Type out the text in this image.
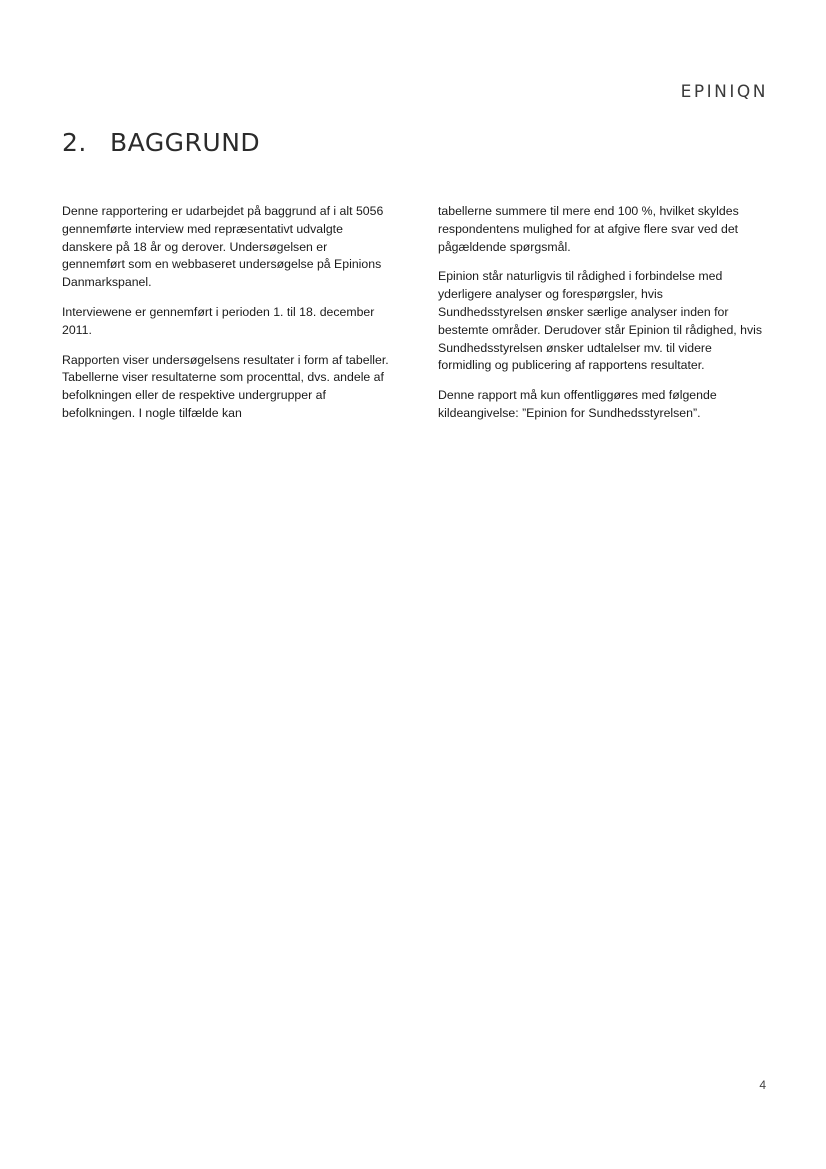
EPINIQN
2. BAGGRUND

Denne rapportering er udarbejdet på baggrund af i alt 5056 gennemførte interview med repræsentativt udvalgte danskere på 18 år og derover. Undersøgelsen er gennemført som en webbaseret undersøgelse på Epinions Danmarkspanel.

Interviewene er gennemført i perioden 1. til 18. december 2011.

Rapporten viser undersøgelsens resultater i form af tabeller. Tabellerne viser resultaterne som procenttal, dvs. andele af befolkningen eller de respektive undergrupper af befolkningen. I nogle tilfælde kan

tabellerne summere til mere end 100 %, hvilket skyldes respondentens mulighed for at afgive flere svar ved det pågældende spørgsmål.

Epinion står naturligvis til rådighed i forbindelse med yderligere analyser og forespørgsler, hvis Sundhedsstyrelsen ønsker særlige analyser inden for bestemte områder. Derudover står Epinion til rådighed, hvis Sundhedsstyrelsen ønsker udtalelser mv. til videre formidling og publicering af rapportens resultater.

Denne rapport må kun offentliggøres med følgende kildeangivelse: ”Epinion for Sundhedsstyrelsen”.

4
